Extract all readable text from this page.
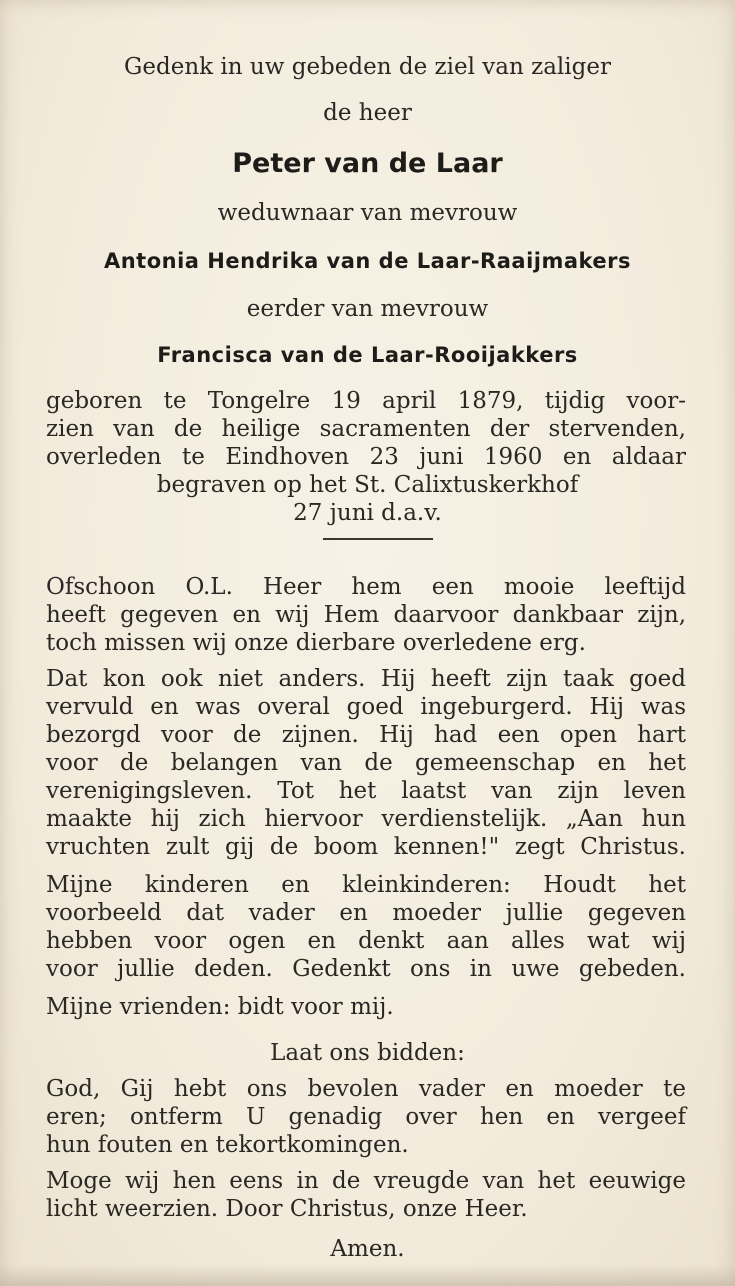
Gedenk in uw gebeden de ziel van zaliger
de heer
Peter van de Laar
weduwnaar van mevrouw
Antonia Hendrika van de Laar-Raaijmakers
eerder van mevrouw
Francisca van de Laar-Rooijakkers
geboren te Tongelre 19 april 1879, tijdig voor-
zien van de heilige sacramenten der stervenden,
overleden te Eindhoven 23 juni 1960 en aldaar
begraven op het St. Calixtuskerkhof
27 juni d.a.v.
Ofschoon O.L. Heer hem een mooie leeftijd
heeft gegeven en wij Hem daarvoor dankbaar zijn,
toch missen wij onze dierbare overledene erg.
Dat kon ook niet anders. Hij heeft zijn taak goed
vervuld en was overal goed ingeburgerd. Hij was
bezorgd voor de zijnen. Hij had een open hart
voor de belangen van de gemeenschap en het
verenigingsleven. Tot het laatst van zijn leven
maakte hij zich hiervoor verdienstelijk. „Aan hun
vruchten zult gij de boom kennen!" zegt Christus.
Mijne kinderen en kleinkinderen: Houdt het
voorbeeld dat vader en moeder jullie gegeven
hebben voor ogen en denkt aan alles wat wij
voor jullie deden. Gedenkt ons in uwe gebeden.
Mijne vrienden: bidt voor mij.
Laat ons bidden:
God, Gij hebt ons bevolen vader en moeder te
eren; ontferm U genadig over hen en vergeef
hun fouten en tekortkomingen.
Moge wij hen eens in de vreugde van het eeuwige
licht weerzien. Door Christus, onze Heer.
Amen.
